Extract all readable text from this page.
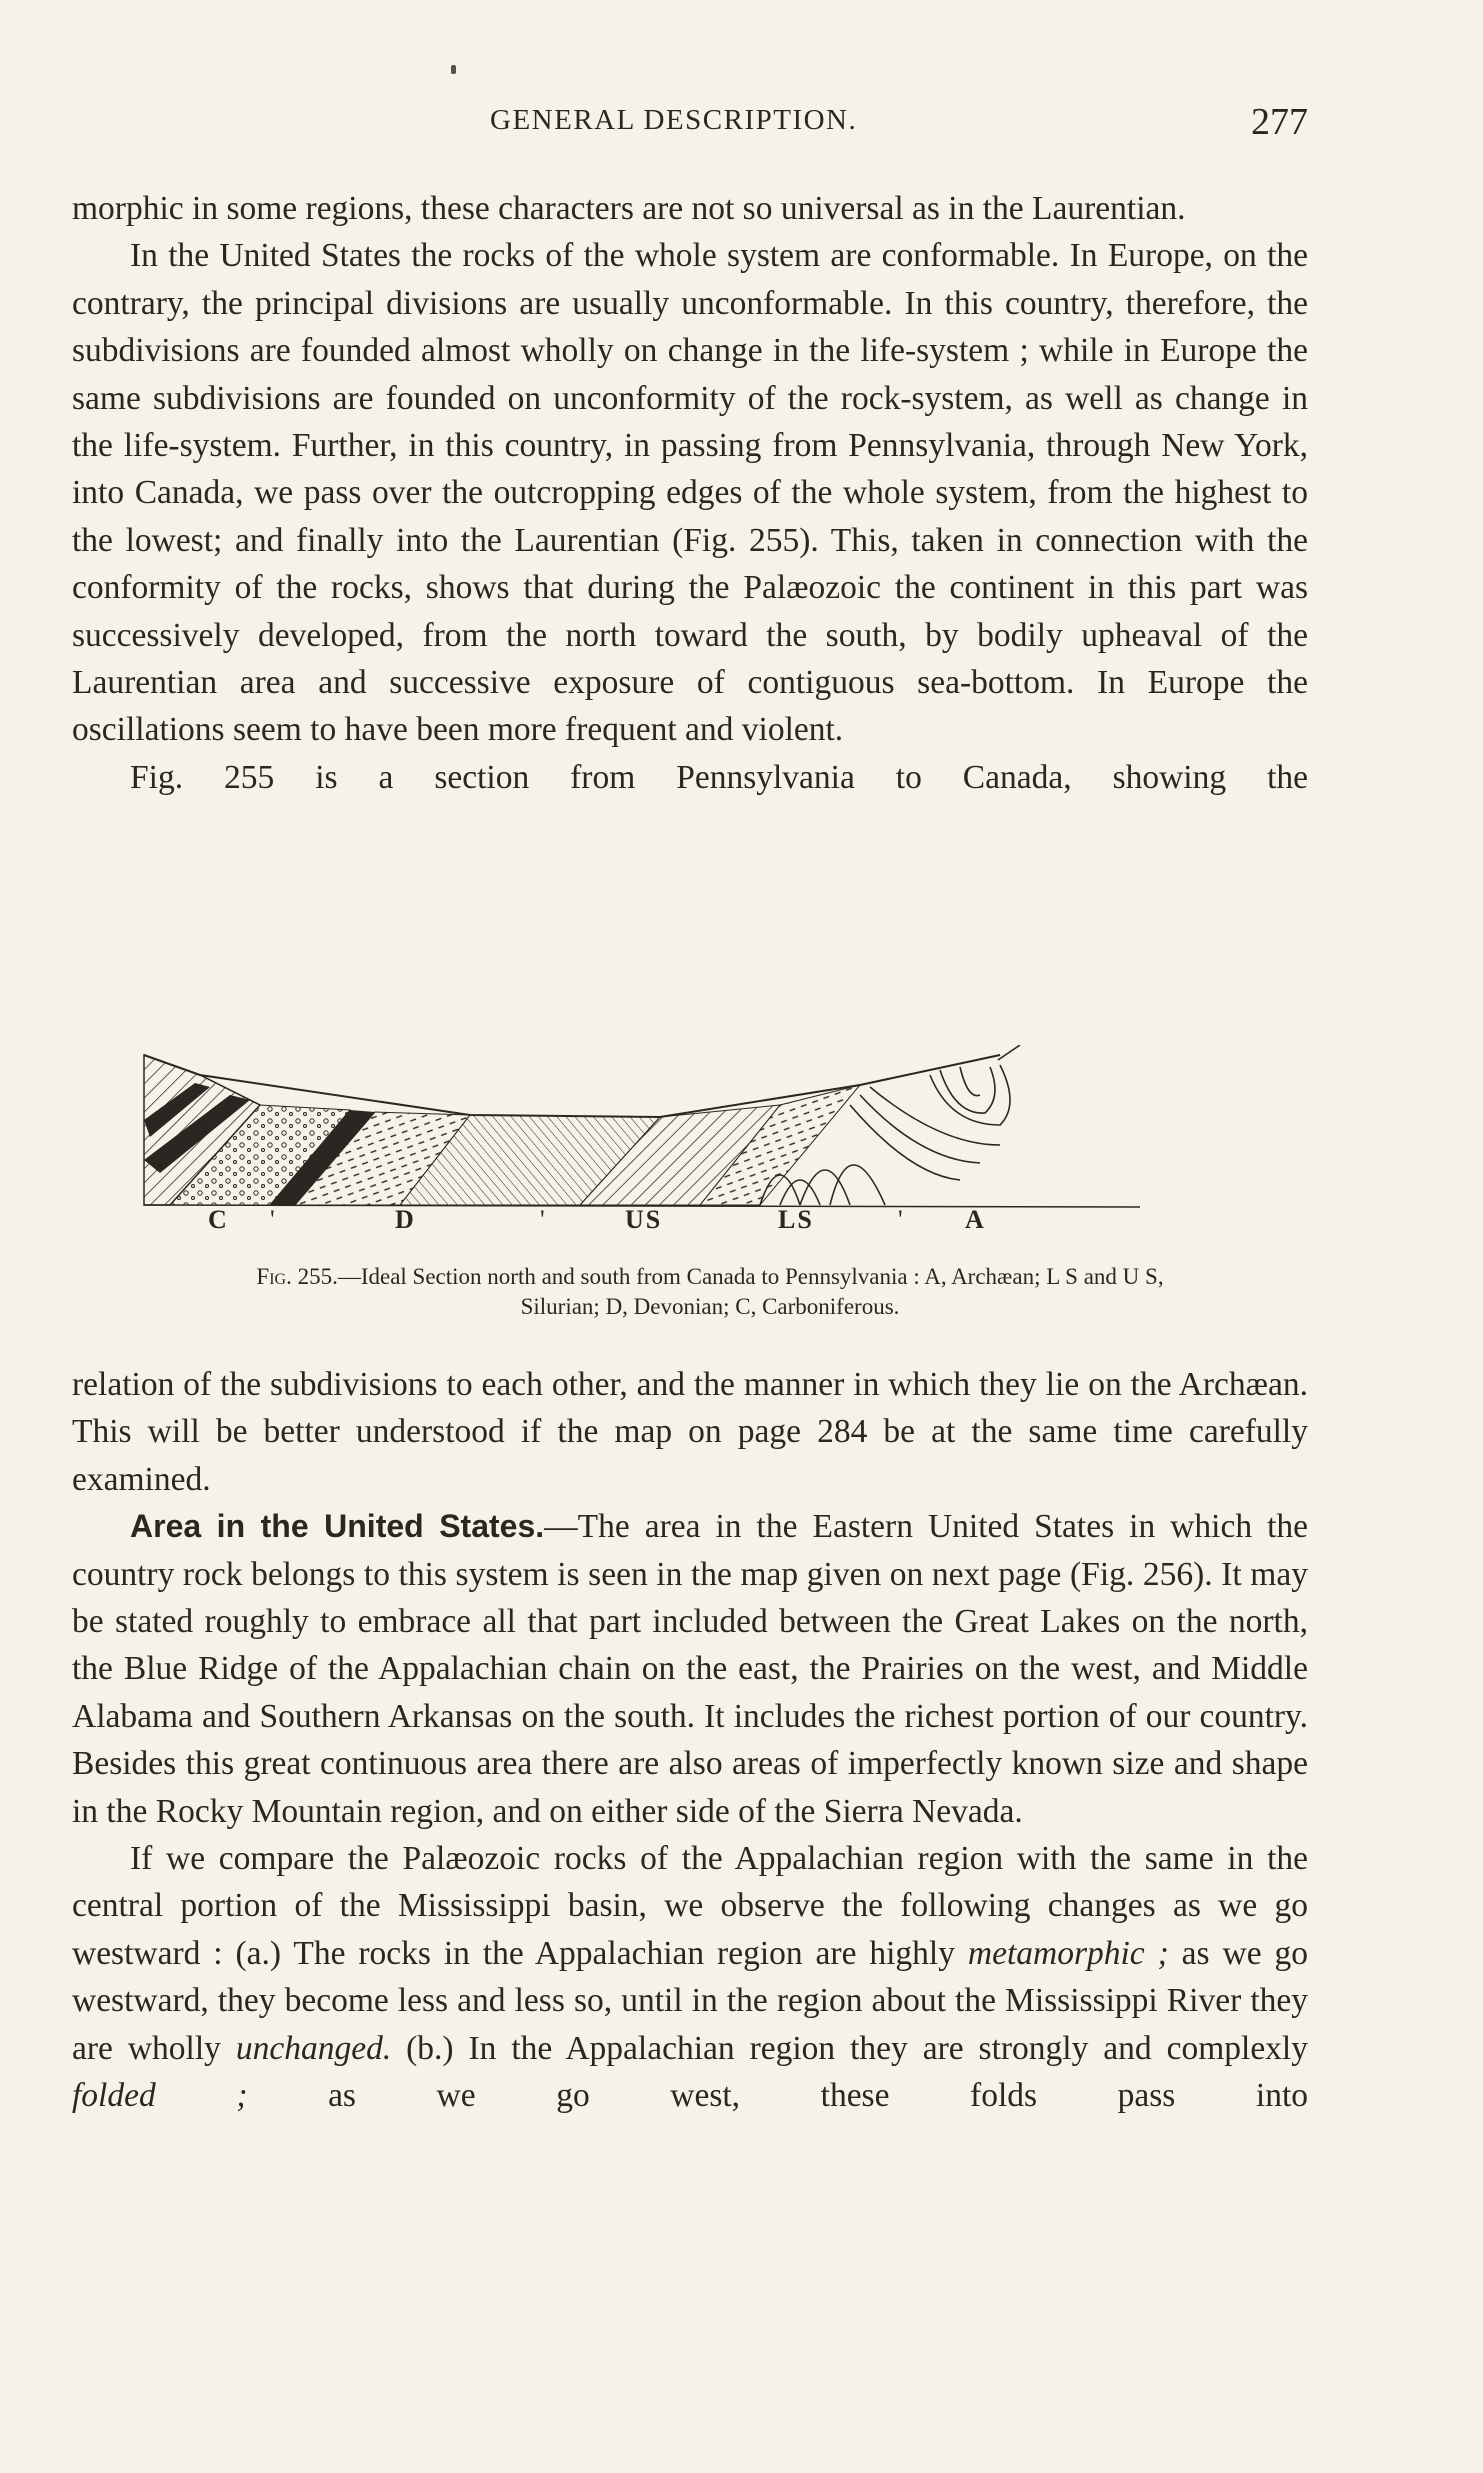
GENERAL DESCRIPTION.	277

morphic in some regions, these characters are not so universal as in the Laurentian.

In the United States the rocks of the whole system are conformable. In Europe, on the contrary, the principal divisions are usually unconformable. In this country, therefore, the subdivisions are founded almost wholly on change in the life-system ; while in Europe the same subdivisions are founded on unconformity of the rock-system, as well as change in the life-system. Further, in this country, in passing from Pennsylvania, through New York, into Canada, we pass over the outcropping edges of the whole system, from the highest to the lowest; and finally into the Laurentian (Fig. 255). This, taken in connection with the conformity of the rocks, shows that during the Palæozoic the continent in this part was successively developed, from the north toward the south, by bodily upheaval of the Laurentian area and successive exposure of contiguous sea-bottom. In Europe the oscillations seem to have been more frequent and violent.

Fig. 255 is a section from Pennsylvania to Canada, showing the

C '	D	'	US	LS	' A
Fig. 255.—Ideal Section north and south from Canada to Pennsylvania : A, Archæan; L S and U S,
Silurian; D, Devonian; C, Carboniferous.

relation of the subdivisions to each other, and the manner in which they lie on the Archæan. This will be better understood if the map on page 284 be at the same time carefully examined.

Area in the United States.—The area in the Eastern United States in which the country rock belongs to this system is seen in the map given on next page (Fig. 256). It may be stated roughly to embrace all that part included between the Great Lakes on the north, the Blue Ridge of the Appalachian chain on the east, the Prairies on the west, and Middle Alabama and Southern Arkansas on the south. It includes the richest portion of our country. Besides this great continuous area there are also areas of imperfectly known size and shape in the Rocky Mountain region, and on either side of the Sierra Nevada.

If we compare the Palæozoic rocks of the Appalachian region with the same in the central portion of the Mississippi basin, we observe the following changes as we go westward : (a.) The rocks in the Appalachian region are highly metamorphic ; as we go westward, they become less and less so, until in the region about the Mississippi River they are wholly unchanged. (b.) In the Appalachian region they are strongly and complexly folded ; as we go west, these folds pass into
